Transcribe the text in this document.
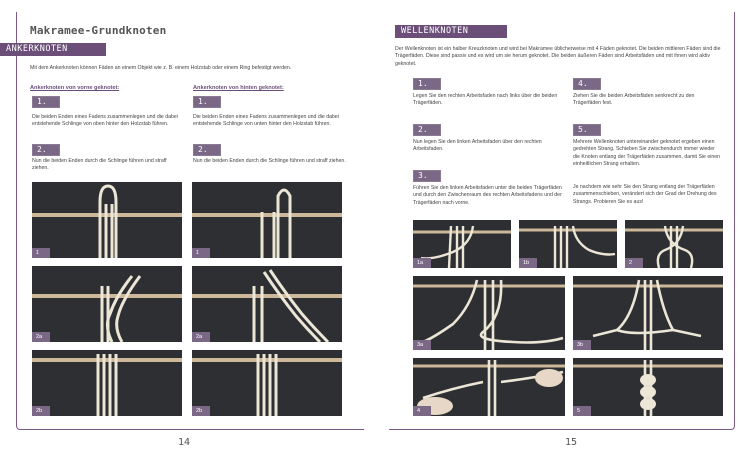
Makramee-Grundknoten
ANKERKNOTEN
Mit dem Ankerknoten können Fäden an einem Objekt wie z. B. einem Holzstab oder einem Ring befestigt werden.
Ankerknoten von vorne geknotet:
1.
Die beiden Enden eines Fadens zusammenlegen und die dabei entstehende Schlinge von oben hinter den Holzstab führen.
2.
Nun die beiden Enden durch die Schlinge führen und straff ziehen.
Ankerknoten von hinten geknotet:
1.
Die beiden Enden eines Fadens zusammenlegen und die dabei entstehende Schlinge von unten hinter den Holzstab führen.
2.
Nun die beiden Enden durch die Schlinge führen und straff ziehen.
1	1
2a	2a
2b	2b
14
WELLENKNOTEN
Der Wellenknoten ist ein halber Kreuzknoten und wird bei Makramee üblicherweise mit 4 Fäden geknotet. Die beiden mittleren Fäden sind die Trägerfäden. Diese sind passiv und es wird um sie herum geknotet. Die beiden äußeren Fäden sind Arbeitsfäden und mit ihnen wird aktiv geknotet.
1.
Legen Sie den rechten Arbeitsfaden nach links über die beiden Trägerfäden.
2.
Nun legen Sie den linken Arbeitsfaden über den rechten Arbeitsfaden.
3.
Führen Sie den linken Arbeitsfaden unter die beiden Trägerfäden und durch den Zwischenraum des rechten Arbeitsfadens und der Trägerfäden nach vorne.
4.
Ziehen Sie die beiden Arbeitsfäden senkrecht zu den Trägerfäden fest.
5.
Mehrere Wellenknoten untereinander geknotet ergeben einen gedrehten Strang. Schieben Sie zwischendurch immer wieder die Knoten entlang der Trägerfäden zusammen, damit Sie einen einheitlichen Strang erhalten.
Je nachdem wie sehr Sie den Strang entlang der Trägerfäden zusammenschieben, verändert sich der Grad der Drehung des Strangs. Probieren Sie es aus!
1a	1b	2
3a	3b
4	5
15
